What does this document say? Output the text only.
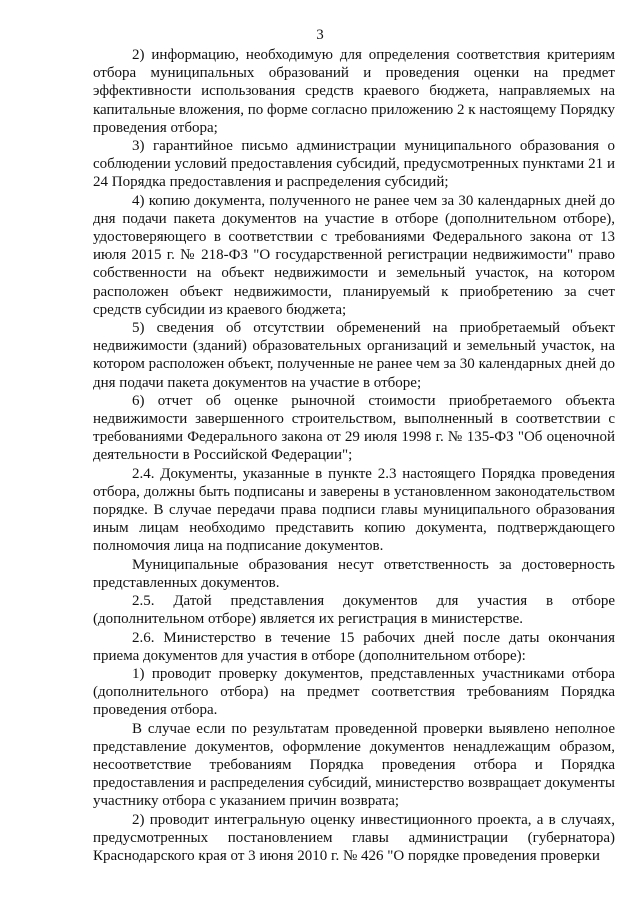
3

2) информацию, необходимую для определения соответствия критериям отбора муниципальных образований и проведения оценки на предмет эффективности использования средств краевого бюджета, направляемых на капитальные вложения, по форме согласно приложению 2 к настоящему Порядку проведения отбора;

3) гарантийное письмо администрации муниципального образования о соблюдении условий предоставления субсидий, предусмотренных пунктами 21 и 24 Порядка предоставления и распределения субсидий;

4) копию документа, полученного не ранее чем за 30 календарных дней до дня подачи пакета документов на участие в отборе (дополнительном отборе), удостоверяющего в соответствии с требованиями Федерального закона от 13 июля 2015 г. № 218-ФЗ "О государственной регистрации недвижимости" право собственности на объект недвижимости и земельный участок, на котором расположен объект недвижимости, планируемый к приобретению за счет средств субсидии из краевого бюджета;

5) сведения об отсутствии обременений на приобретаемый объект недвижимости (зданий) образовательных организаций и земельный участок, на котором расположен объект, полученные не ранее чем за 30 календарных дней до дня подачи пакета документов на участие в отборе;

6) отчет об оценке рыночной стоимости приобретаемого объекта недвижимости завершенного строительством, выполненный в соответствии с требованиями Федерального закона от 29 июля 1998 г. № 135-ФЗ "Об оценочной деятельности в Российской Федерации";

2.4. Документы, указанные в пункте 2.3 настоящего Порядка проведения отбора, должны быть подписаны и заверены в установленном законодательством порядке. В случае передачи права подписи главы муниципального образования иным лицам необходимо представить копию документа, подтверждающего полномочия лица на подписание документов.

Муниципальные образования несут ответственность за достоверность представленных документов.

2.5. Датой представления документов для участия в отборе (дополнительном отборе) является их регистрация в министерстве.

2.6. Министерство в течение 15 рабочих дней после даты окончания приема документов для участия в отборе (дополнительном отборе):

1) проводит проверку документов, представленных участниками отбора (дополнительного отбора) на предмет соответствия требованиям Порядка проведения отбора.

В случае если по результатам проведенной проверки выявлено неполное представление документов, оформление документов ненадлежащим образом, несоответствие требованиям Порядка проведения отбора и Порядка предоставления и распределения субсидий, министерство возвращает документы участнику отбора с указанием причин возврата;

2) проводит интегральную оценку инвестиционного проекта, а в случаях, предусмотренных постановлением главы администрации (губернатора) Краснодарского края от 3 июня 2010 г. № 426 "О порядке проведения проверки
